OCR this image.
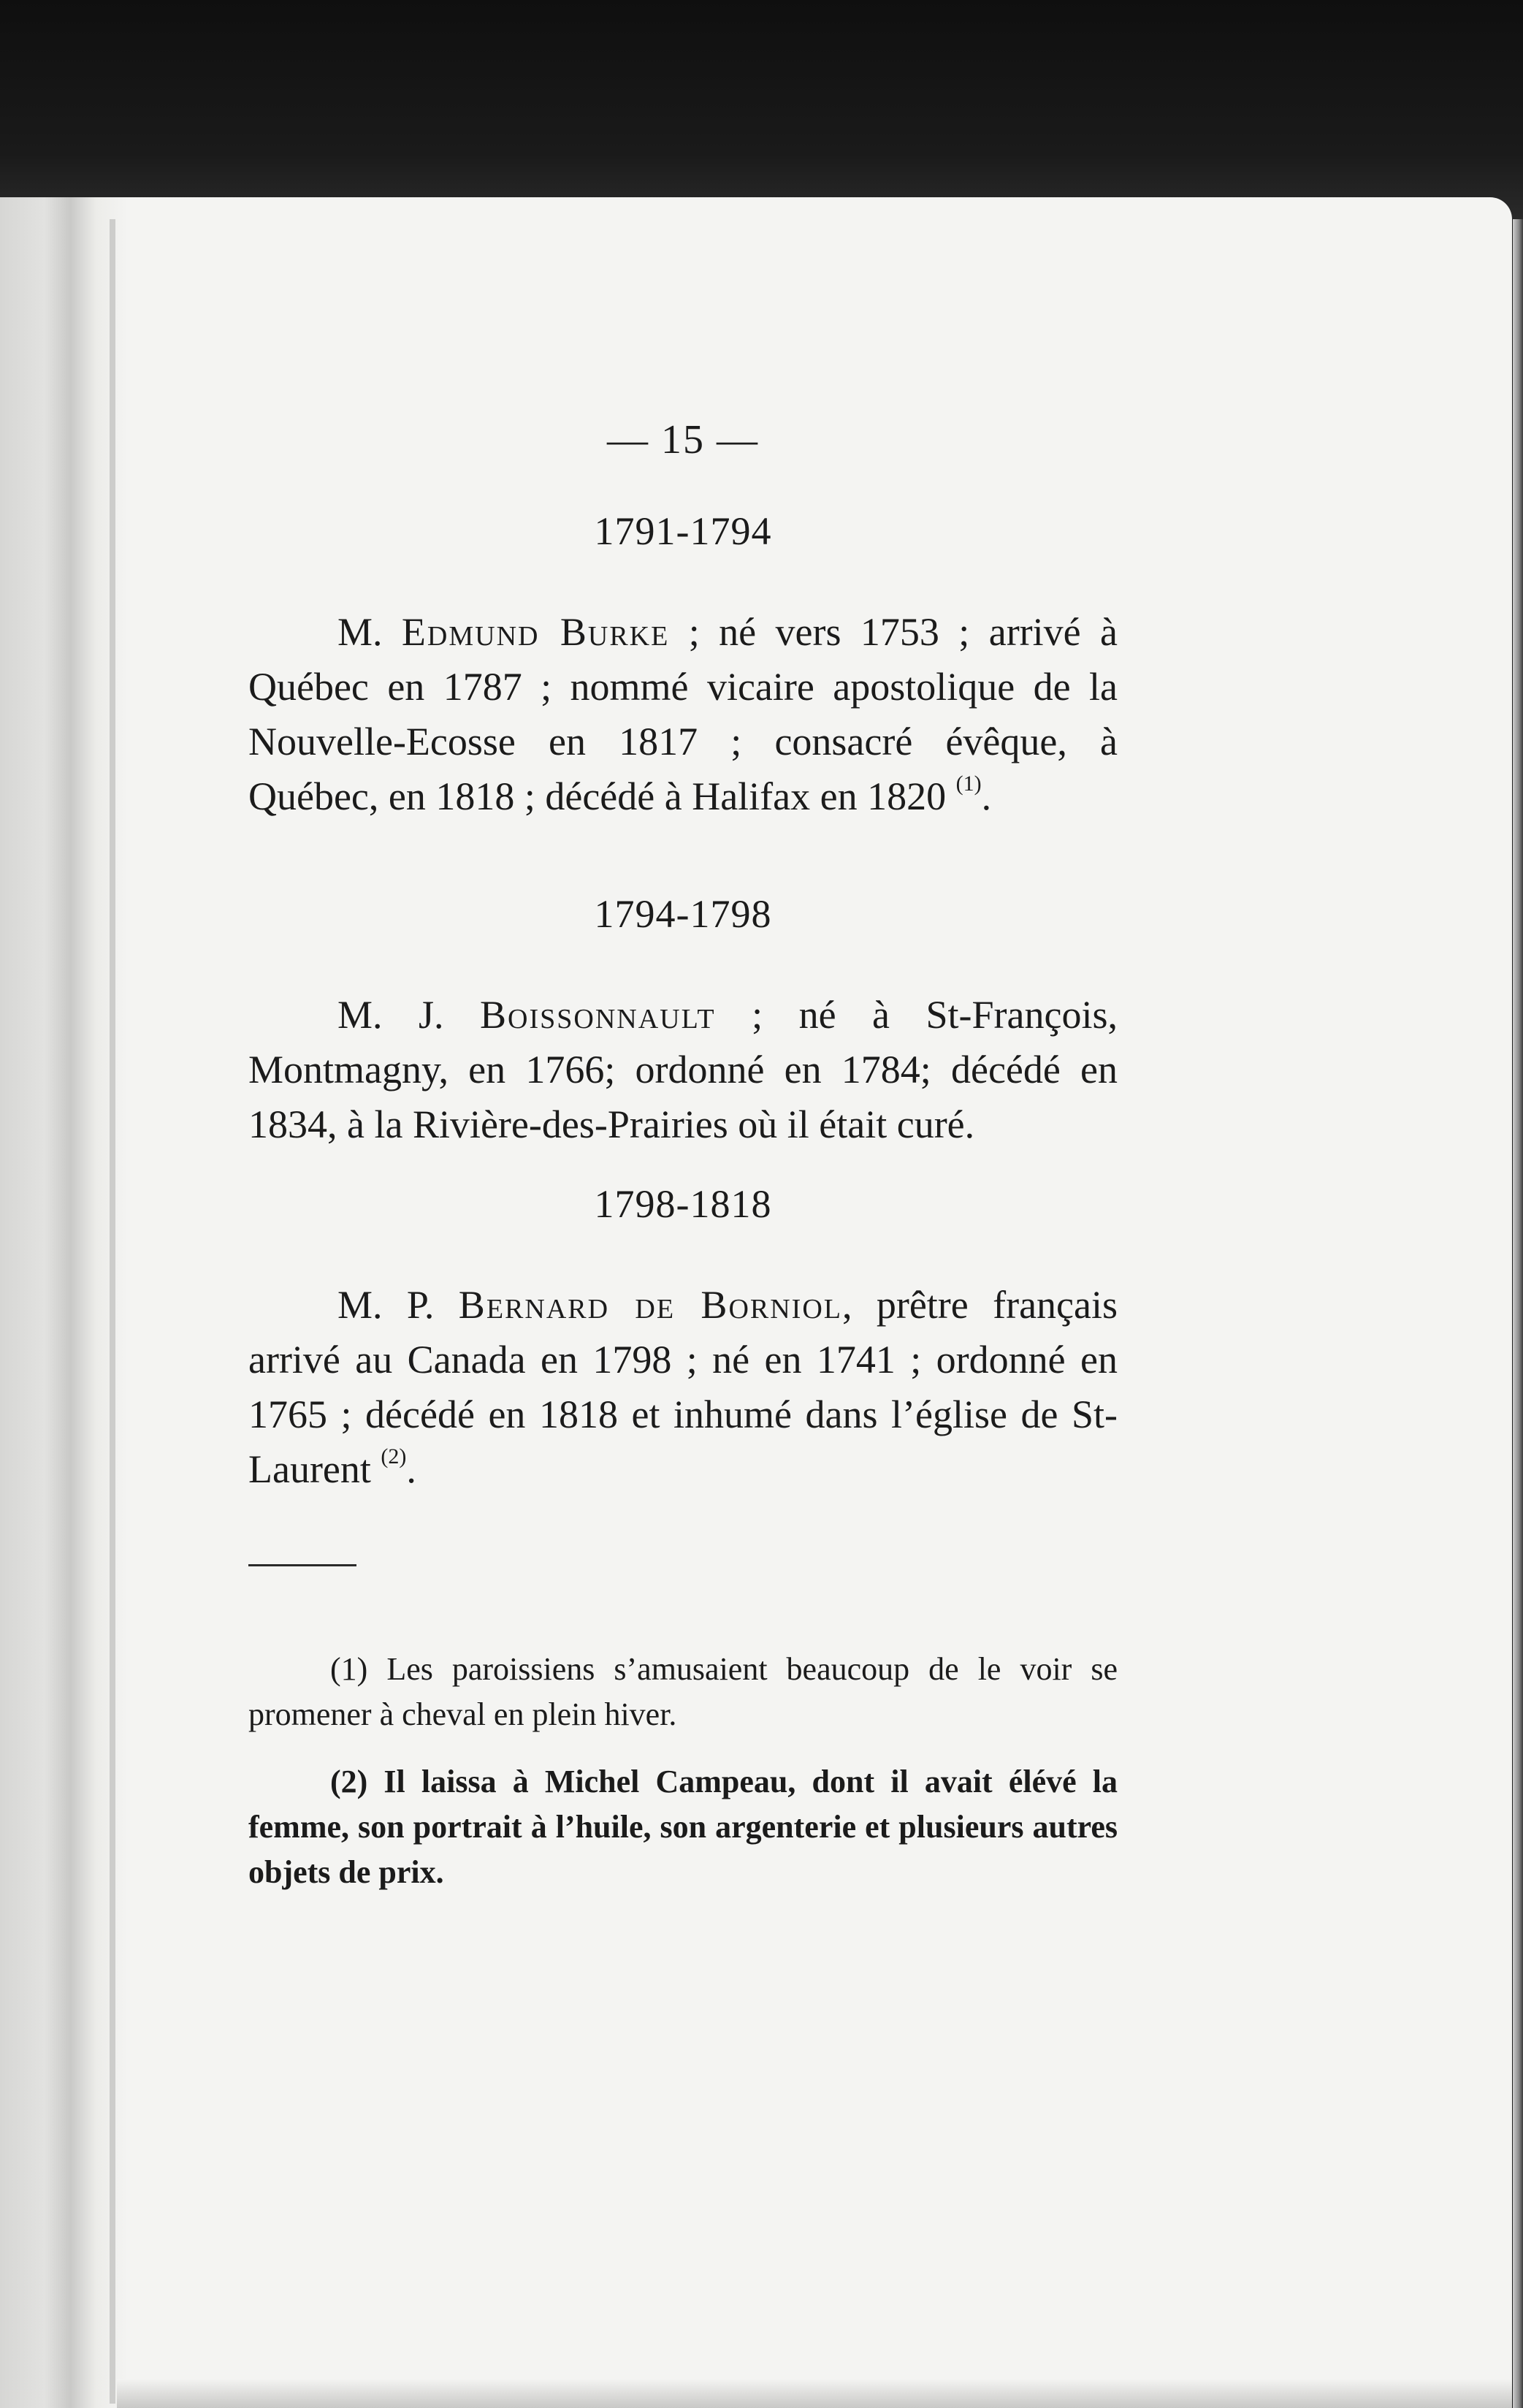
— 15 —
1791-1794

M. Edmund Burke ; né vers 1753 ; arrivé à Québec en 1787 ; nommé vicaire apostolique de la Nouvelle-Ecosse en 1817 ; consacré évêque, à Québec, en 1818 ; décédé à Halifax en 1820 $^{(1)}$.

1794-1798

M. J. Boissonnault ; né à St-François, Montmagny, en 1766; ordonné en 1784; décédé en 1834, à la Rivière-des-Prairies où il était curé.

1798-1818

M. P. Bernard de Borniol, prêtre français arrivé au Canada en 1798 ; né en 1741 ; ordonné en 1765 ; décédé en 1818 et inhumé dans l’église de St-Laurent $^{(2)}$.

(1) Les paroissiens s’amusaient beaucoup de le voir se promener à cheval en plein hiver.

(2) Il laissa à Michel Campeau, dont il avait élévé la femme, son portrait à l’huile, son argenterie et plusieurs autres objets de prix.
